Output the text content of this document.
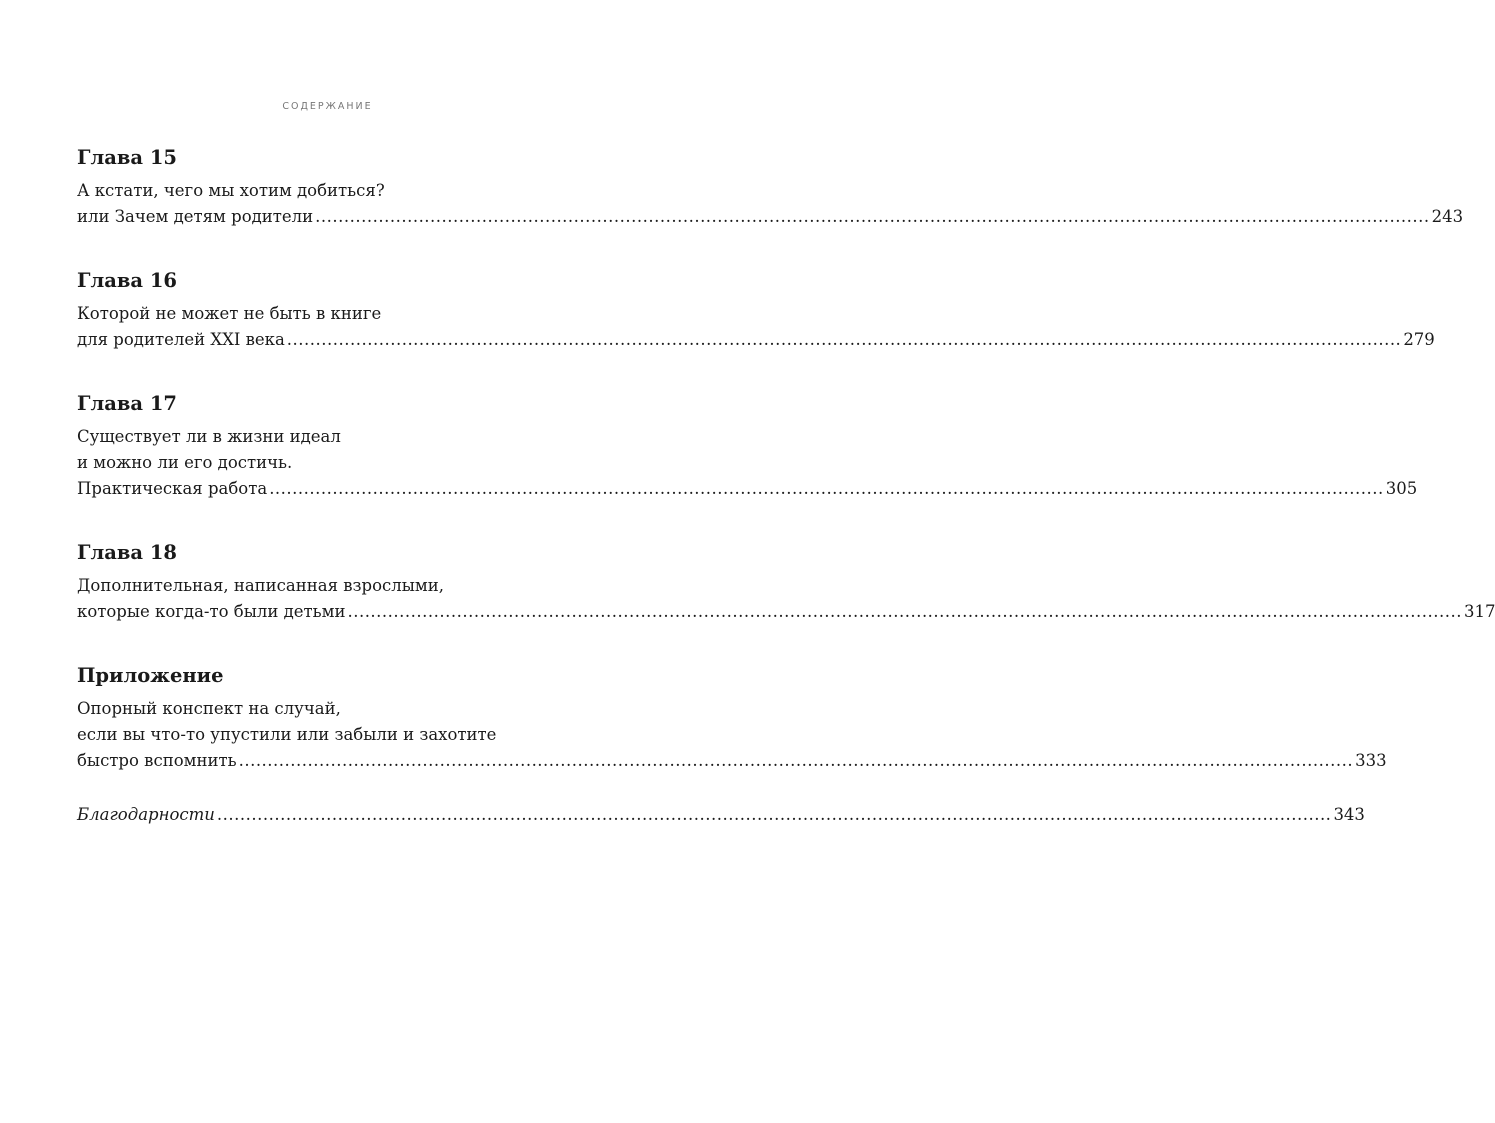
СОДЕРЖАНИЕ
Глава 15
А кстати, чего мы хотим добиться?
или Зачем детям родители .................................................................................................................................................................................................. 243
Глава 16
Которой не может не быть в книге
для родителей XXI века .................................................................................................................................................................................................. 279
Глава 17
Существует ли в жизни идеал
и можно ли его достичь.
Практическая работа .................................................................................................................................................................................................. 305
Глава 18
Дополнительная, написанная взрослыми,
которые когда-то были детьми .................................................................................................................................................................................................. 317
Приложение
Опорный конспект на случай,
если вы что-то упустили или забыли и захотите
быстро вспомнить .................................................................................................................................................................................................. 333
Благодарности .................................................................................................................................................................................................. 343
